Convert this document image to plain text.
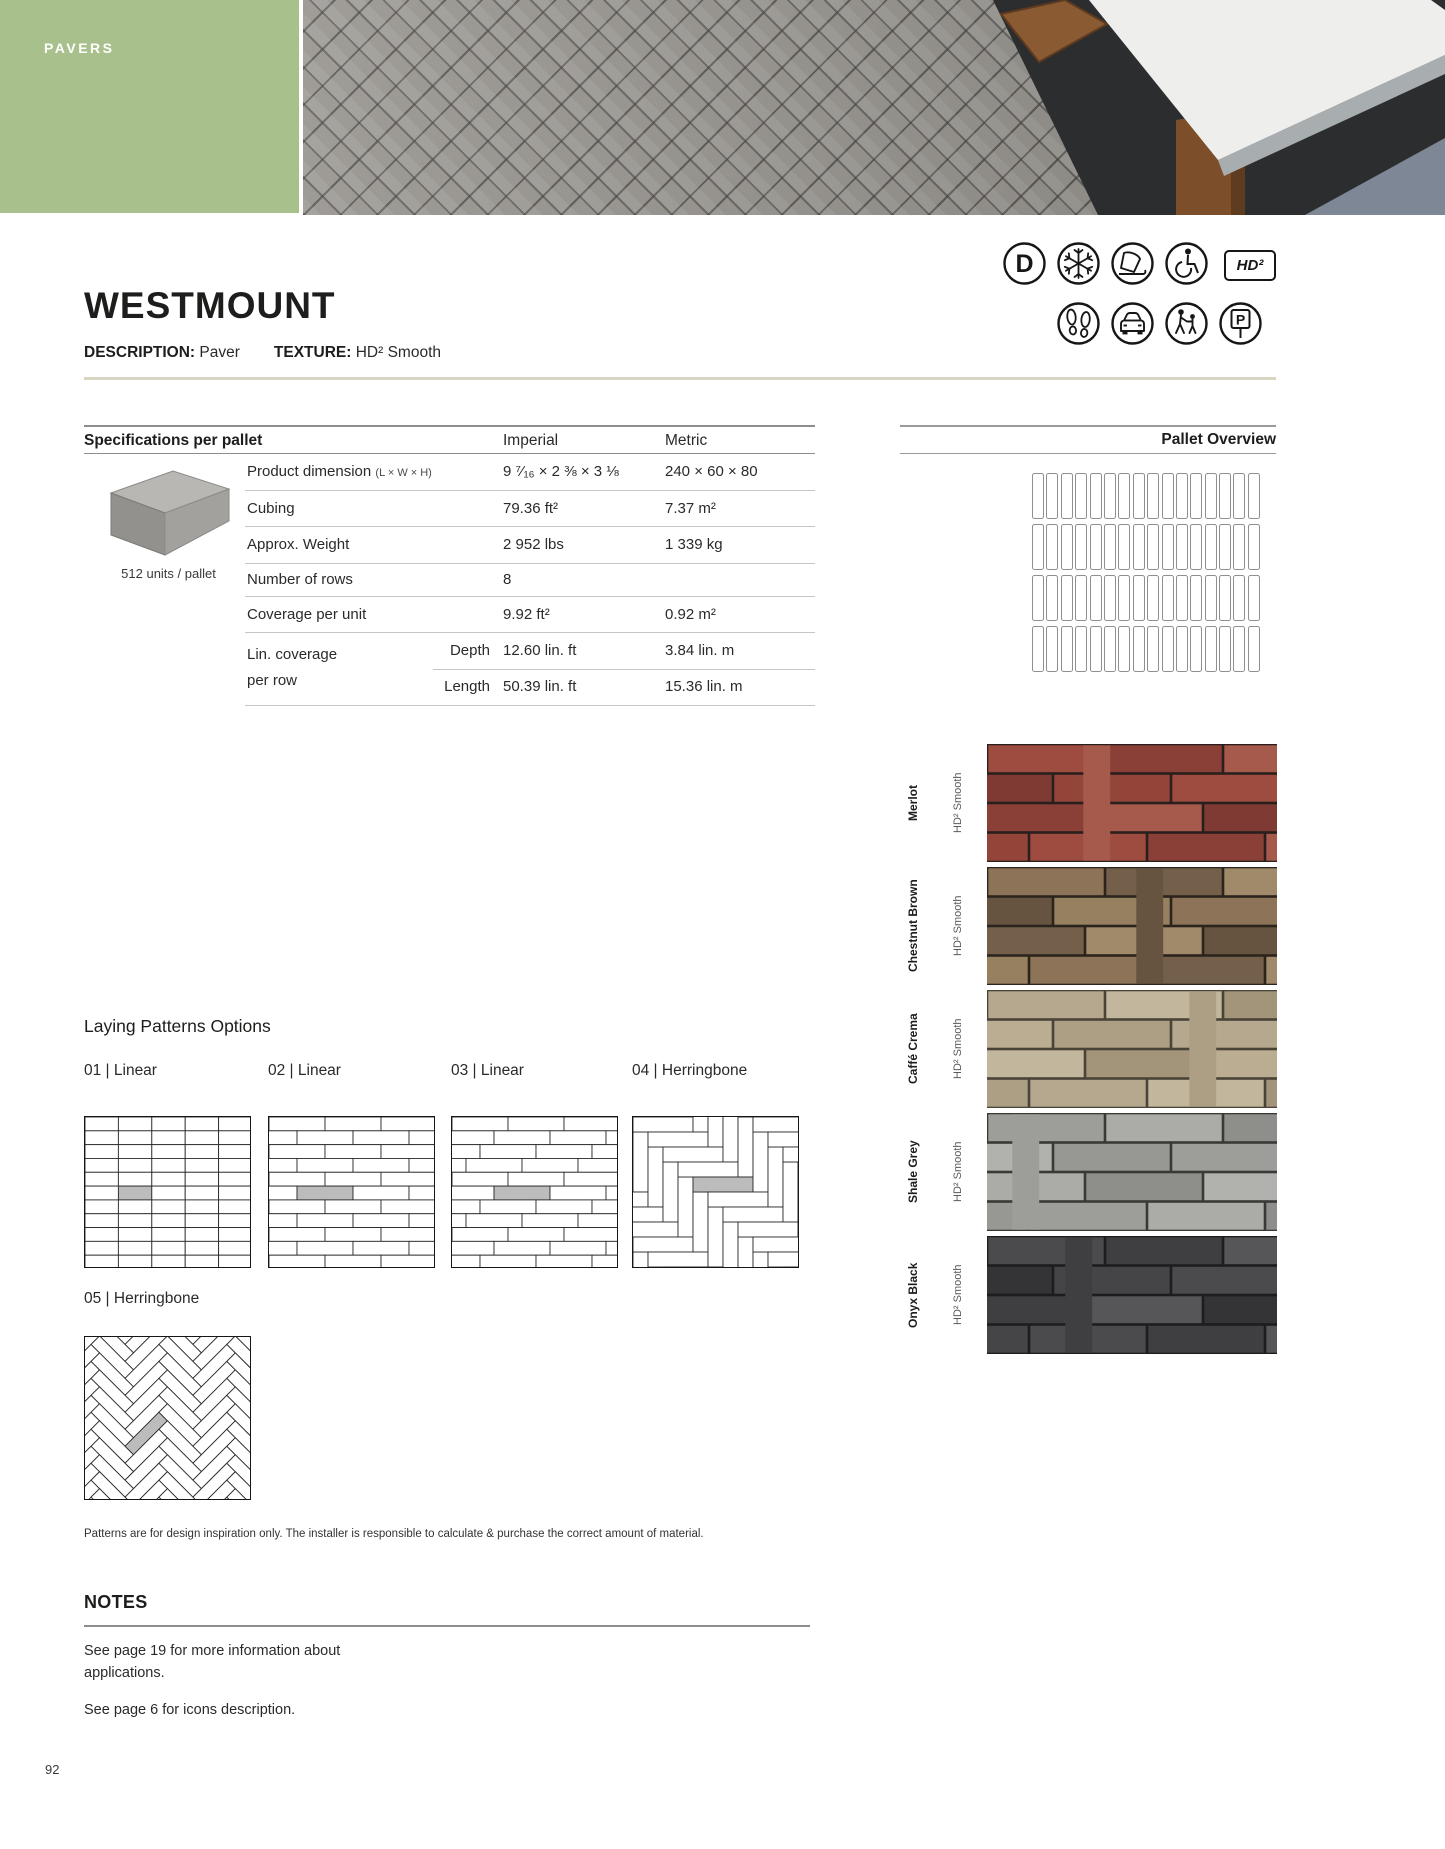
PAVERS
D	HD²
P
WESTMOUNT
DESCRIPTION: Paver TEXTURE: HD² Smooth
Specifications per pallet	Imperial	Metric
Product dimension (L × W × H)	9 ⁷⁄₁₆ × 2 ⅜ × 3 ⅛	240 × 60 × 80
Cubing	79.36 ft²	7.37 m²
Approx. Weight	2 952 lbs	1 339 kg
Number of rows	8
Coverage per unit	9.92 ft²	0.92 m²
Lin. coverage
per row
Depth 12.60 lin. ft	3.84 lin. m
Length 50.39 lin. ft	15.36 lin. m
512 units / pallet
Pallet Overview
Merlot	HD² Smooth
Chestnut Brown	HD² Smooth
Caffé Crema	HD² Smooth
Shale Grey	HD² Smooth
Onyx Black	HD² Smooth
Laying Patterns Options
01 | Linear	02 | Linear	03 | Linear	04 | Herringbone
05 | Herringbone
Patterns are for design inspiration only. The installer is responsible to calculate & purchase the correct amount of material.
NOTES
See page 19 for more information about applications.
See page 6 for icons description.
92
